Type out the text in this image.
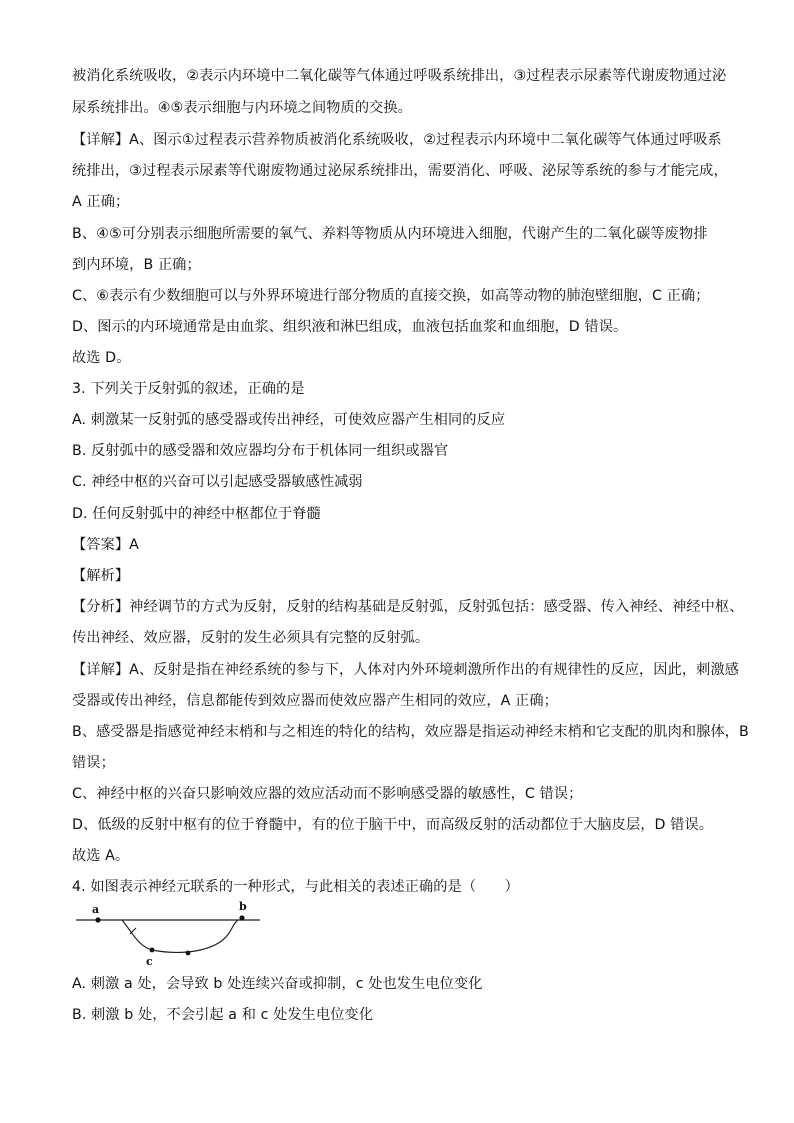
被消化系统吸收，②表示内环境中二氧化碳等气体通过呼吸系统排出，③过程表示尿素等代谢废物通过泌
尿系统排出。④⑤表示细胞与内环境之间物质的交换。
【详解】A、图示①过程表示营养物质被消化系统吸收，②过程表示内环境中二氧化碳等气体通过呼吸系
统排出，③过程表示尿素等代谢废物通过泌尿系统排出，需要消化、呼吸、泌尿等系统的参与才能完成，
A 正确；
B、④⑤可分别表示细胞所需要的氧气、养料等物质从内环境进入细胞，代谢产生的二氧化碳等废物排
到内环境，B 正确；
C、⑥表示有少数细胞可以与外界环境进行部分物质的直接交换，如高等动物的肺泡壁细胞，C 正确；
D、图示的内环境通常是由血浆、组织液和淋巴组成，血液包括血浆和血细胞，D 错误。
故选 D。
3. 下列关于反射弧的叙述，正确的是
A. 刺激某一反射弧的感受器或传出神经，可使效应器产生相同的反应
B. 反射弧中的感受器和效应器均分布于机体同一组织或器官
C. 神经中枢的兴奋可以引起感受器敏感性减弱
D. 任何反射弧中的神经中枢都位于脊髓
【答案】A
【解析】
【分析】神经调节的方式为反射，反射的结构基础是反射弧，反射弧包括：感受器、传入神经、神经中枢、
传出神经、效应器，反射的发生必须具有完整的反射弧。
【详解】A、反射是指在神经系统的参与下，人体对内外环境刺激所作出的有规律性的反应，因此，刺激感
受器或传出神经，信息都能传到效应器而使效应器产生相同的效应，A 正确；
B、感受器是指感觉神经末梢和与之相连的特化的结构，效应器是指运动神经末梢和它支配的肌肉和腺体，B
错误；
C、神经中枢的兴奋只影响效应器的效应活动而不影响感受器的敏感性，C 错误；
D、低级的反射中枢有的位于脊髓中，有的位于脑干中，而高级反射的活动都位于大脑皮层，D 错误。
故选 A。
4. 如图表示神经元联系的一种形式，与此相关的表述正确的是（　　）
a	b
c
A. 刺激 a 处，会导致 b 处连续兴奋或抑制，c 处也发生电位变化
B. 刺激 b 处，不会引起 a 和 c 处发生电位变化
